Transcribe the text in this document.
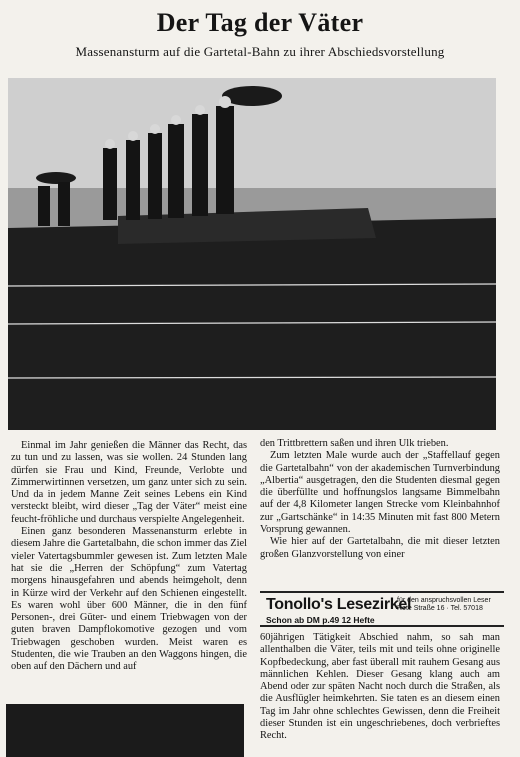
Der Tag der Väter
Massenansturm auf die Gartetal-Bahn zu ihrer Abschiedsvorstellung

Einmal im Jahr genießen die Männer das Recht, das zu tun und zu lassen, was sie wollen. 24 Stunden lang dürfen sie Frau und Kind, Freunde, Verlobte und Zimmerwirtinnen versetzen, um ganz unter sich zu sein. Und da in jedem Manne Zeit seines Lebens ein Kind versteckt bleibt, wird dieser „Tag der Väter“ meist eine feucht-fröhliche und durchaus verspielte Angelegenheit.

Einen ganz besonderen Massenansturm erlebte in diesem Jahre die Gartetalbahn, die schon immer das Ziel vieler Vatertagsbummler gewesen ist. Zum letzten Male hat sie die „Herren der Schöpfung“ zum Vatertag morgens hinausgefahren und abends heimgeholt, denn in Kürze wird der Verkehr auf den Schienen eingestellt. Es waren wohl über 600 Männer, die in den fünf Personen-, drei Güter- und einem Triebwagen von der guten braven Dampflokomotive gezogen und vom Triebwagen geschoben wurden. Meist waren es Studenten, die wie Trauben an den Waggons hingen, die oben auf den Dächern und auf

den Trittbrettern saßen und ihren Ulk trieben.

Zum letzten Male wurde auch der „Staffellauf gegen die Gartetalbahn“ von der akademischen Turnverbindung „Albertia“ ausgetragen, den die Studenten diesmal gegen die überfüllte und hoffnungslos langsame Bimmelbahn auf der 4,8 Kilometer langen Strecke vom Kleinbahnhof zur „Gartschänke“ in 14:35 Minuten mit fast 800 Metern Vorsprung gewannen.

Wie hier auf der Gartetalbahn, die mit dieser letzten großen Glanzvorstellung von einer

Tonollo's Lesezirkel
für den anspruchsvollen Leser
Rote Straße 16 · Tel. 57018
Schon ab DM p.49 12 Hefte

60jährigen Tätigkeit Abschied nahm, so sah man allenthalben die Väter, teils mit und teils ohne originelle Kopfbedeckung, aber fast überall mit rauhem Gesang aus männlichen Kehlen. Dieser Gesang klang auch am Abend oder zur späten Nacht noch durch die Straßen, als die Ausflügler heimkehrten. Sie taten es an diesem einen Tag im Jahr ohne schlechtes Gewissen, denn die Freiheit dieser Stunden ist ein ungeschriebenes, doch verbrieftes Recht.
